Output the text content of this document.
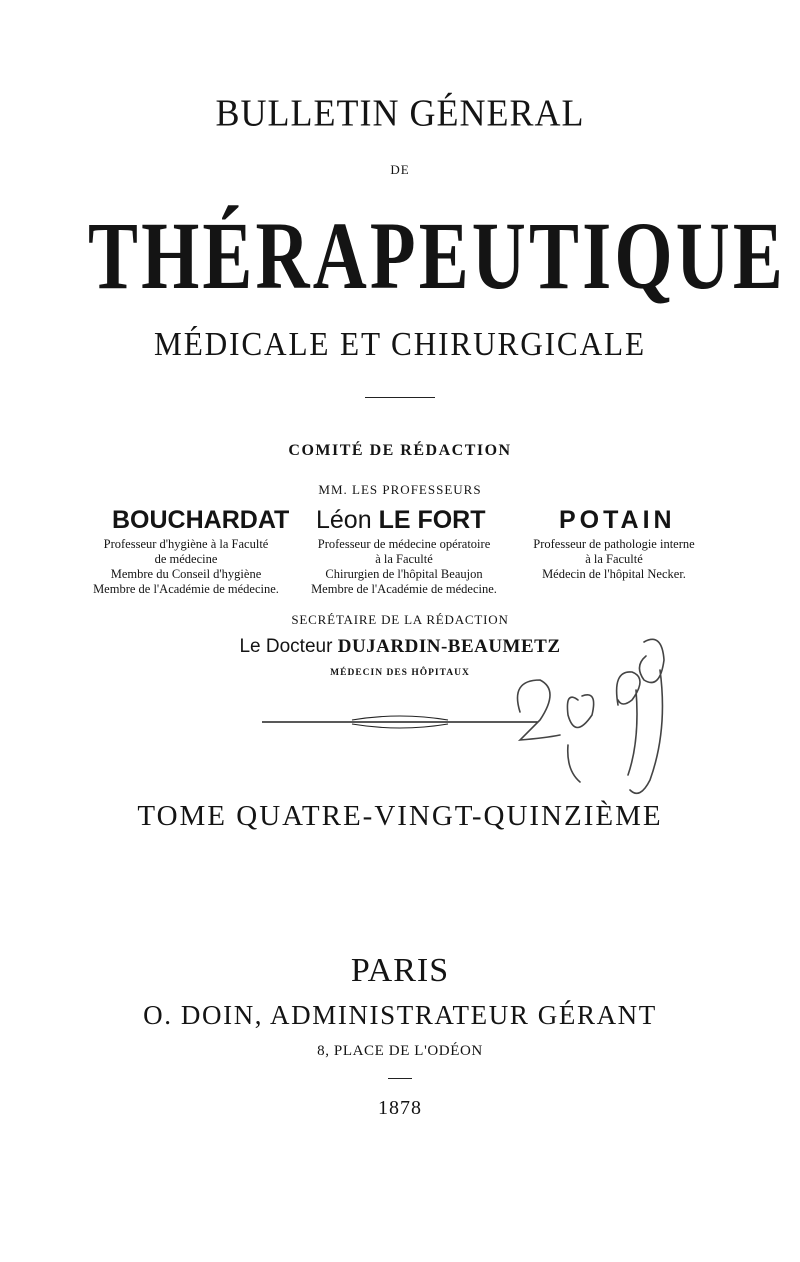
BULLETIN GÉNERAL
DE
THÉRAPEUTIQUE
MÉDICALE ET CHIRURGICALE
COMITÉ DE RÉDACTION
MM. LES PROFESSEURS
BOUCHARDAT Léon LE FORT	POTAIN
Professeur d'hygiène à la Faculté
de médecine
Membre du Conseil d'hygiène
Membre de l'Académie de médecine.
Professeur de médecine opératoire
à la Faculté
Chirurgien de l'hôpital Beaujon
Membre de l'Académie de médecine.
Professeur de pathologie interne
à la Faculté
Médecin de l'hôpital Necker.
SECRÉTAIRE DE LA RÉDACTION
Le Docteur DUJARDIN-BEAUMETZ
MÉDECIN DES HÔPITAUX
TOME QUATRE-VINGT-QUINZIÈME
PARIS
O. DOIN, ADMINISTRATEUR GÉRANT
8, PLACE DE L'ODÉON
1878
